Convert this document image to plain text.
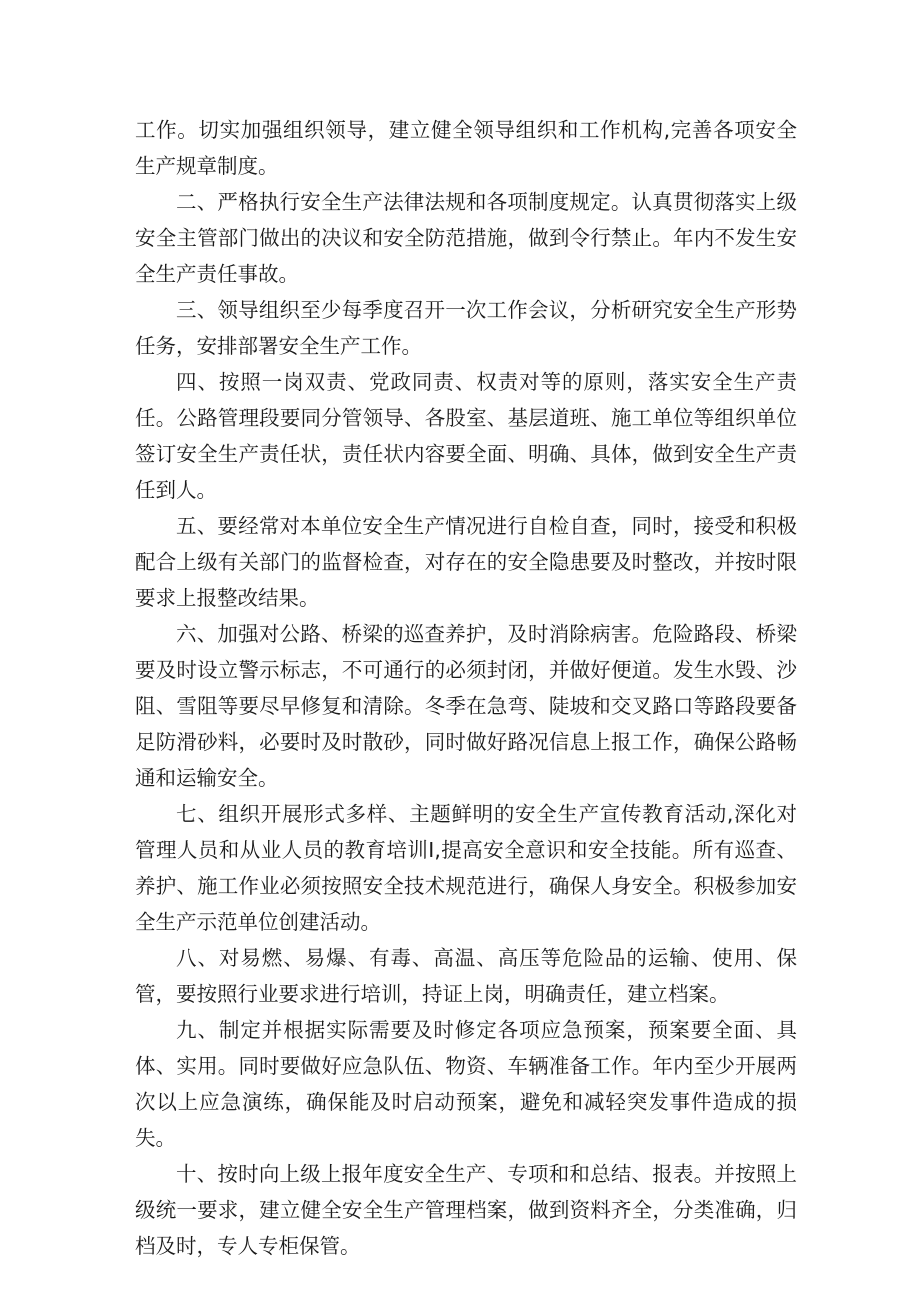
工作。切实加强组织领导，建立健全领导组织和工作机构,完善各项安全生产规章制度。

二、严格执行安全生产法律法规和各项制度规定。认真贯彻落实上级安全主管部门做出的决议和安全防范措施，做到令行禁止。年内不发生安全生产责任事故。

三、领导组织至少每季度召开一次工作会议，分析研究安全生产形势任务，安排部署安全生产工作。

四、按照一岗双责、党政同责、权责对等的原则，落实安全生产责任。公路管理段要同分管领导、各股室、基层道班、施工单位等组织单位签订安全生产责任状，责任状内容要全面、明确、具体，做到安全生产责任到人。

五、要经常对本单位安全生产情况进行自检自查，同时，接受和积极配合上级有关部门的监督检查，对存在的安全隐患要及时整改，并按时限要求上报整改结果。

六、加强对公路、桥梁的巡查养护，及时消除病害。危险路段、桥梁要及时设立警示标志，不可通行的必须封闭，并做好便道。发生水毁、沙阻、雪阻等要尽早修复和清除。冬季在急弯、陡坡和交叉路口等路段要备足防滑砂料，必要时及时散砂，同时做好路况信息上报工作，确保公路畅通和运输安全。

七、组织开展形式多样、主题鲜明的安全生产宣传教育活动,深化对管理人员和从业人员的教育培训I,提高安全意识和安全技能。所有巡查、养护、施工作业必须按照安全技术规范进行，确保人身安全。积极参加安全生产示范单位创建活动。

八、对易燃、易爆、有毒、高温、高压等危险品的运输、使用、保管，要按照行业要求进行培训，持证上岗，明确责任，建立档案。

九、制定并根据实际需要及时修定各项应急预案，预案要全面、具体、实用。同时要做好应急队伍、物资、车辆准备工作。年内至少开展两次以上应急演练，确保能及时启动预案，避免和减轻突发事件造成的损失。

十、按时向上级上报年度安全生产、专项和和总结、报表。并按照上级统一要求，建立健全安全生产管理档案，做到资料齐全，分类准确，归档及时，专人专柜保管。
